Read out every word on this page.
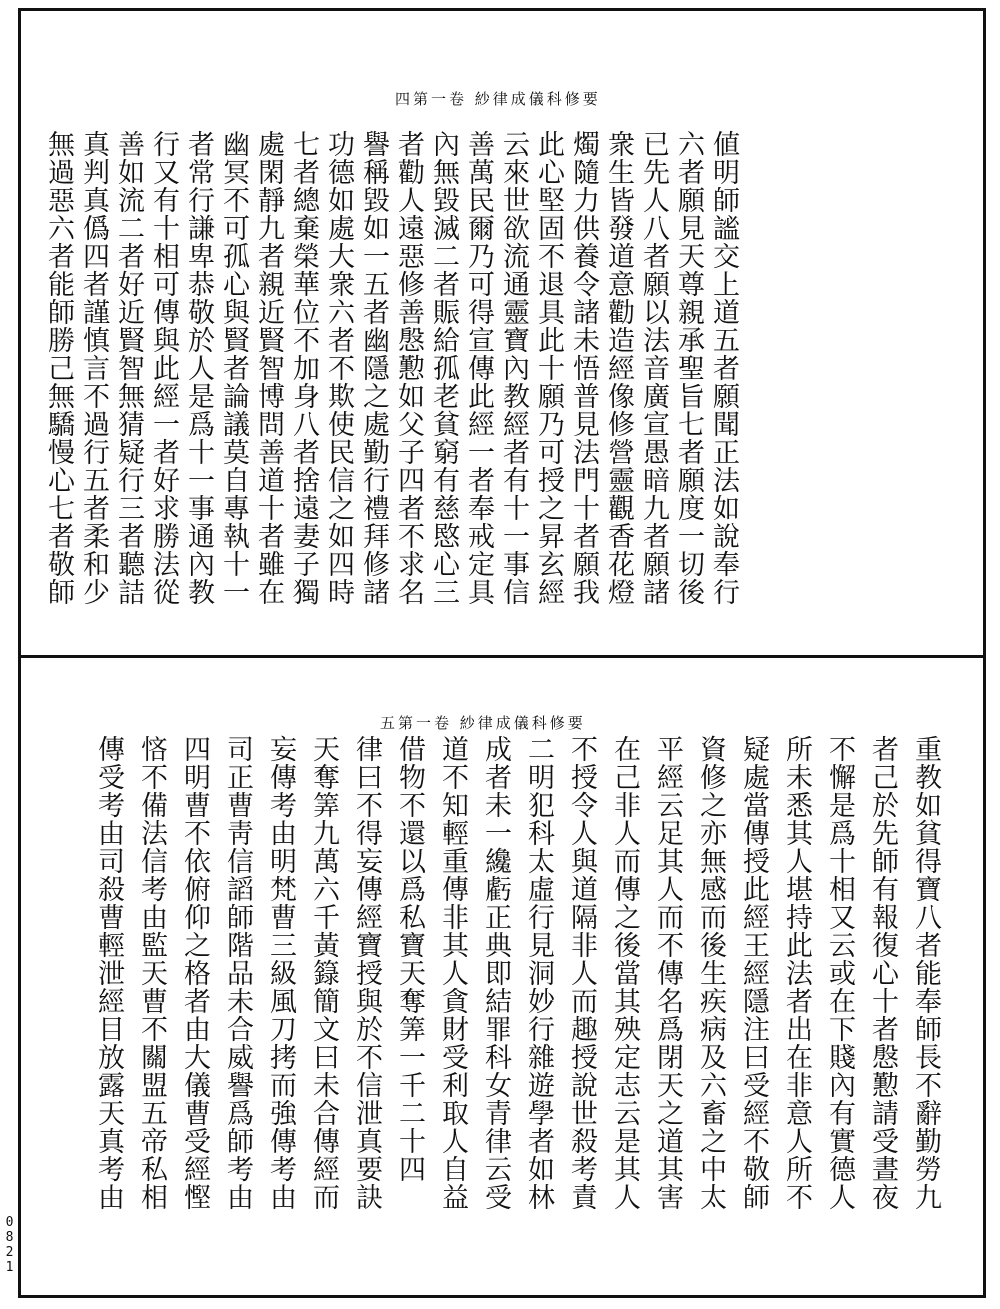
四第一卷 紗律成儀科修要
五第一卷 紗律成儀科修要
値明師謐交上道五者願聞正法如說奉行
六者願見天尊親承聖旨七者願度一切後
已先人八者願以法音廣宣愚暗九者願諸
衆生皆發道意勸造經像修營靈觀香花燈
燭隨力供養令諸未悟普見法門十者願我
此心堅固不退具此十願乃可授之昇玄經
云來世欲流通靈寶內教經者有十一事信
善萬民爾乃可得宣傳此經一者奉戒定具
內無毀滅二者賑給孤老貧窮有慈愍心三
者勸人遠惡修善慇懃如父子四者不求名
譽稱毀如一五者幽隱之處勤行禮拜修諸
功德如處大衆六者不欺使民信之如四時
七者總棄榮華位不加身八者捨遠妻子獨
處閑靜九者親近賢智博問善道十者雖在
幽冥不可孤心與賢者論議莫自專執十一
者常行謙卑恭敬於人是爲十一事通內教
行又有十相可傳與此經一者好求勝法從
善如流二者好近賢智無猜疑行三者聽詰
真判真僞四者謹慎言不過行五者柔和少
無過惡六者能師勝己無驕慢心七者敬師
重教如貧得寶八者能奉師長不辭勤勞九
者己於先師有報復心十者慇懃請受晝夜
不懈是爲十相又云或在下賤內有實德人
所未悉其人堪持此法者出在非意人所不
疑處當傳授此經王經隱注曰受經不敬師
資修之亦無感而後生疾病及六畜之中太
平經云足其人而不傳名爲閉天之道其害
在己非人而傳之後當其殃定志云是其人
不授令人與道隔非人而趣授說世殺考責
二明犯科太虛行見洞妙行雜遊學者如林
成者未一纔虧正典即結罪科女青律云受
道不知輕重傳非其人貪財受利取人自益
借物不還以爲私寶天奪筭一千二十四
律曰不得妄傳經寶授與於不信泄真要訣
天奪筭九萬六千黃籙簡文曰未合傳經而
妄傳考由明梵曹三級風刀拷而強傳考由
司正曹靑信謟師階品未合威譽爲師考由
四明曹不依俯仰之格者由大儀曹受經慳
悋不備法信考由監天曹不關盟五帝私相
傳受考由司殺曹輕泄經目放露天真考由
0821
